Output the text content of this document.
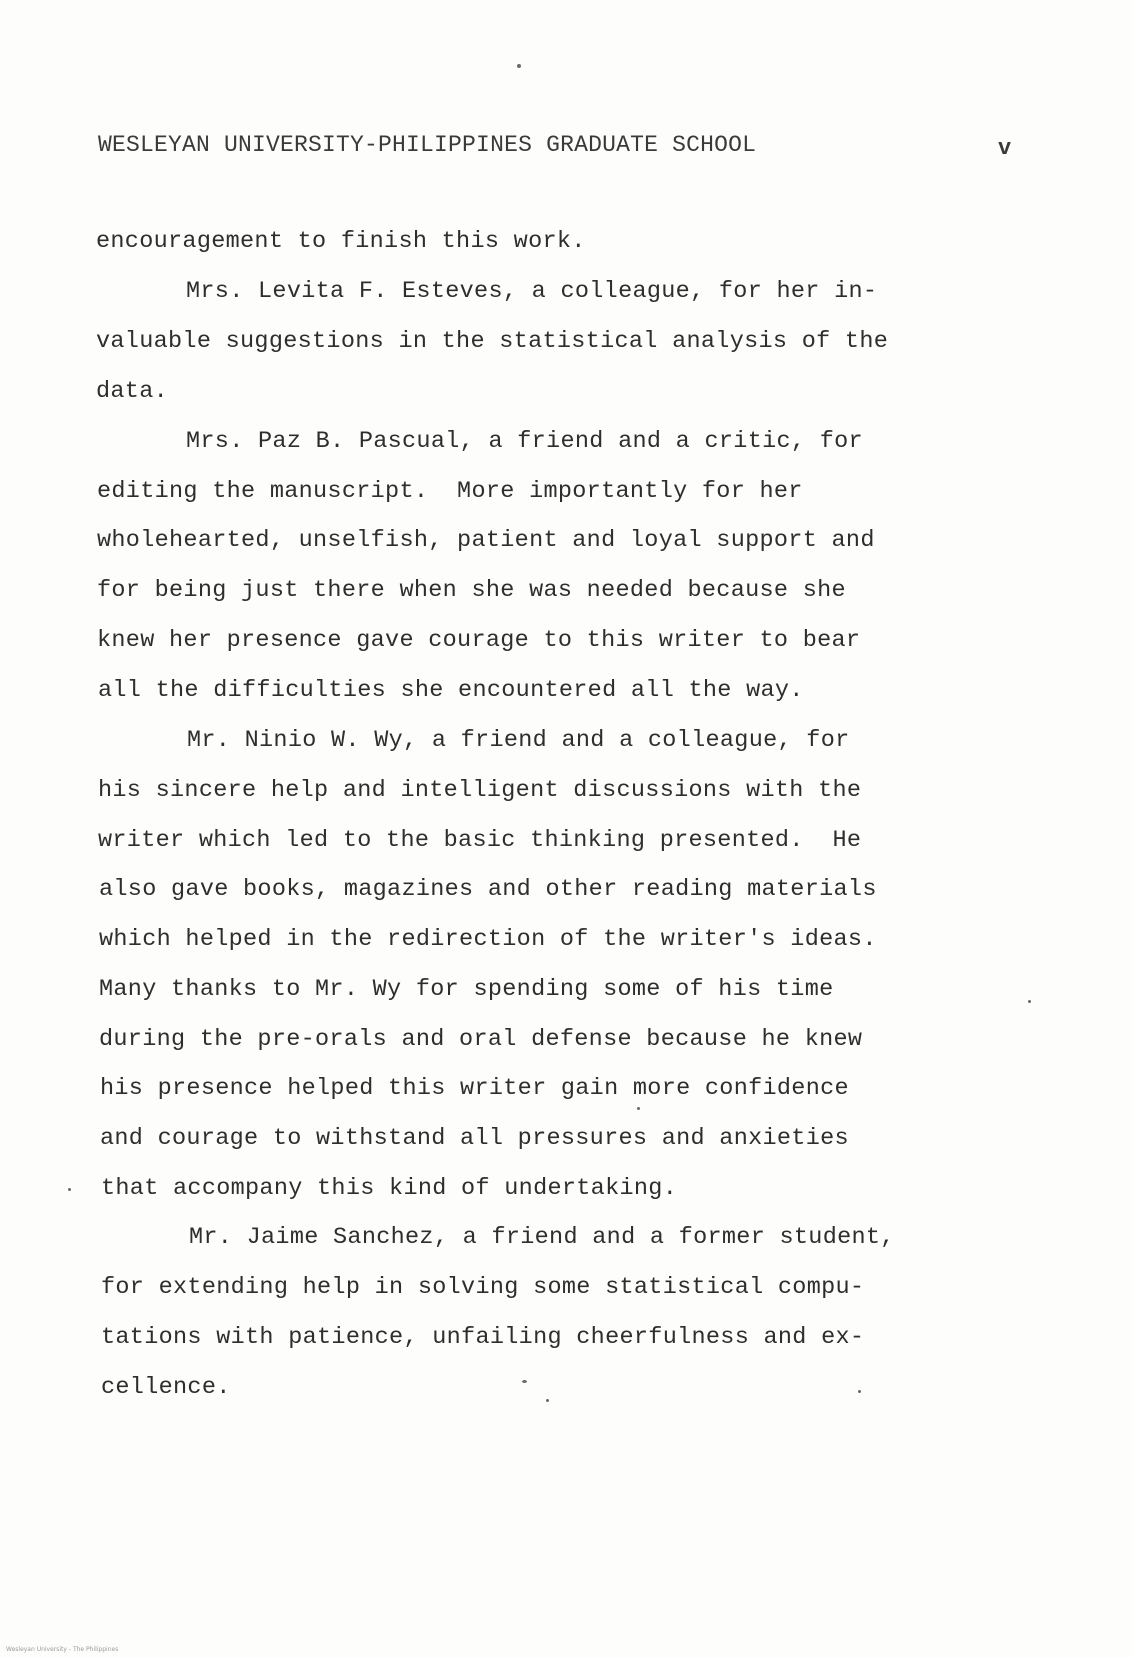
WESLEYAN UNIVERSITY-PHILIPPINES GRADUATE SCHOOL	v
encouragement to finish this work.
Mrs. Levita F. Esteves, a colleague, for her in-
valuable suggestions in the statistical analysis of the
data.
Mrs. Paz B. Pascual, a friend and a critic, for
editing the manuscript.  More importantly for her
wholehearted, unselfish, patient and loyal support and
for being just there when she was needed because she
knew her presence gave courage to this writer to bear
all the difficulties she encountered all the way.
Mr. Ninio W. Wy, a friend and a colleague, for
his sincere help and intelligent discussions with the
writer which led to the basic thinking presented.  He
also gave books, magazines and other reading materials
which helped in the redirection of the writer's ideas.
Many thanks to Mr. Wy for spending some of his time
during the pre-orals and oral defense because he knew
his presence helped this writer gain more confidence
and courage to withstand all pressures and anxieties
that accompany this kind of undertaking.
Mr. Jaime Sanchez, a friend and a former student,
for extending help in solving some statistical compu-
tations with patience, unfailing cheerfulness and ex-
cellence.
Wesleyan University - The Philippines
